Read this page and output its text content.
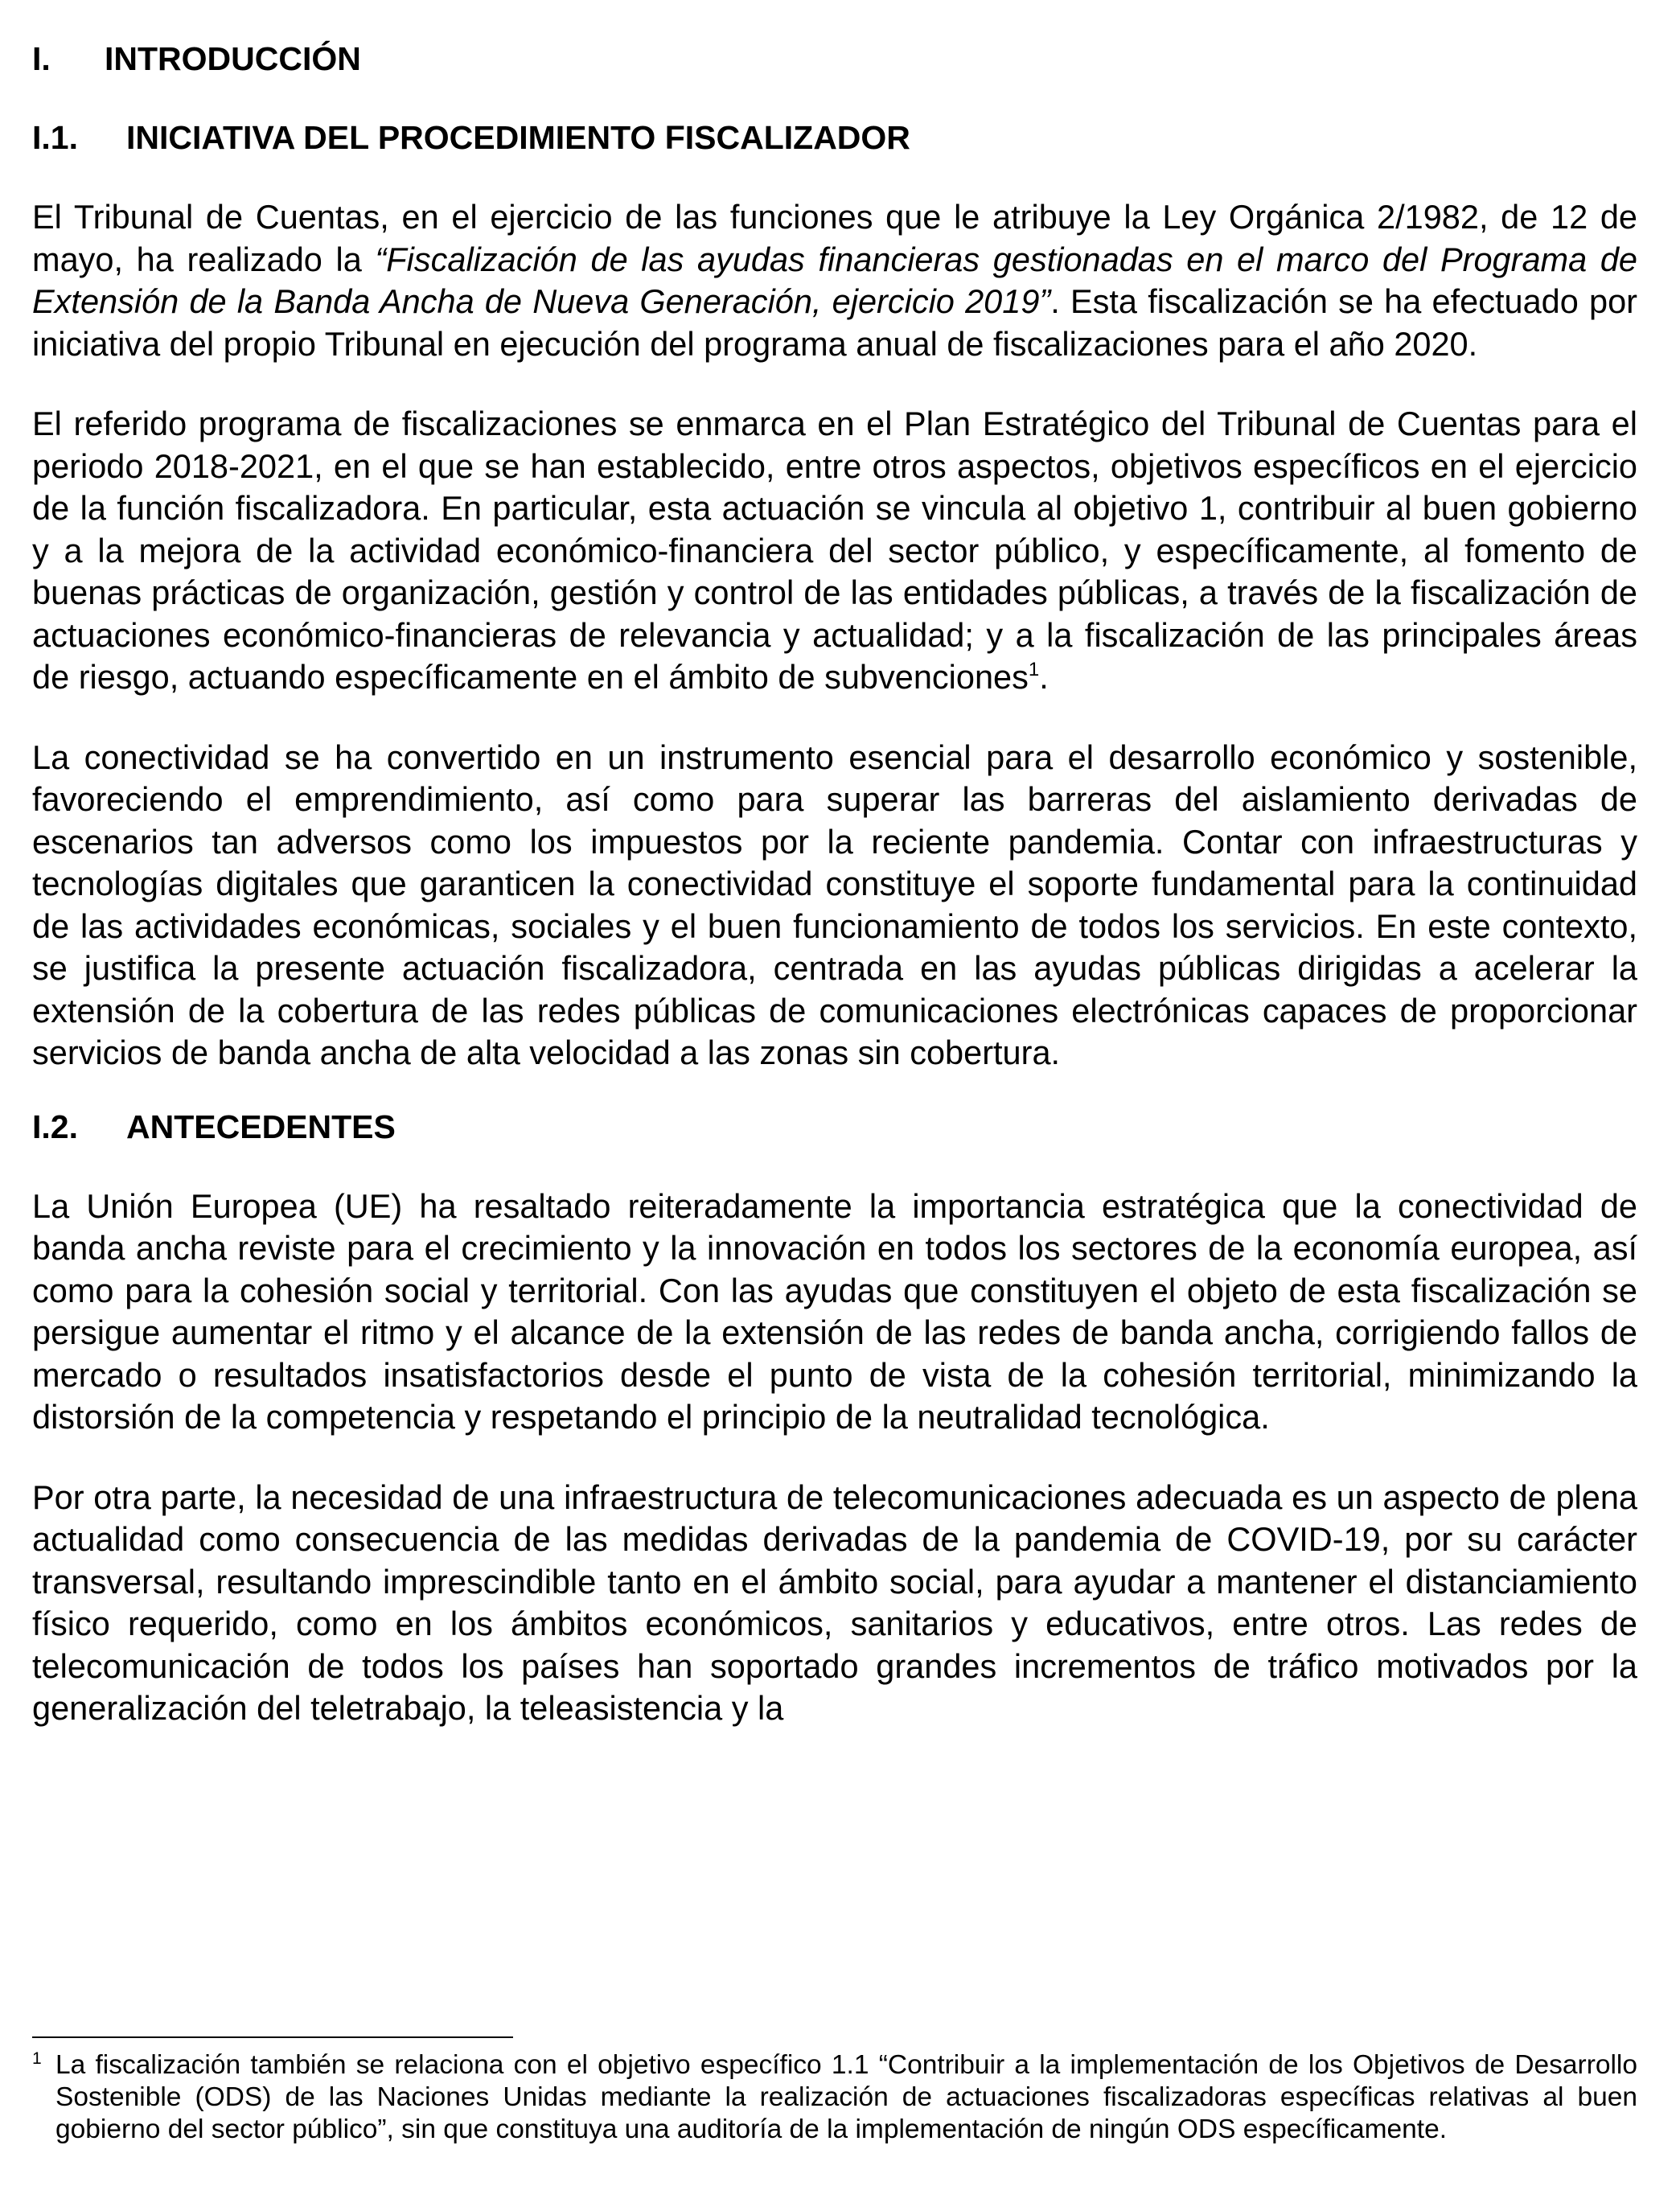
I. INTRODUCCIÓN
I.1. INICIATIVA DEL PROCEDIMIENTO FISCALIZADOR

El Tribunal de Cuentas, en el ejercicio de las funciones que le atribuye la Ley Orgánica 2/1982, de 12 de mayo, ha realizado la “Fiscalización de las ayudas financieras gestionadas en el marco del Programa de Extensión de la Banda Ancha de Nueva Generación, ejercicio 2019”. Esta fiscalización se ha efectuado por iniciativa del propio Tribunal en ejecución del programa anual de fiscalizaciones para el año 2020.

El referido programa de fiscalizaciones se enmarca en el Plan Estratégico del Tribunal de Cuentas para el periodo 2018-2021, en el que se han establecido, entre otros aspectos, objetivos específicos en el ejercicio de la función fiscalizadora. En particular, esta actuación se vincula al objetivo 1, contribuir al buen gobierno y a la mejora de la actividad económico-financiera del sector público, y específicamente, al fomento de buenas prácticas de organización, gestión y control de las entidades públicas, a través de la fiscalización de actuaciones económico-financieras de relevancia y actualidad; y a la fiscalización de las principales áreas de riesgo, actuando específicamente en el ámbito de subvenciones$^1$.

La conectividad se ha convertido en un instrumento esencial para el desarrollo económico y sostenible, favoreciendo el emprendimiento, así como para superar las barreras del aislamiento derivadas de escenarios tan adversos como los impuestos por la reciente pandemia. Contar con infraestructuras y tecnologías digitales que garanticen la conectividad constituye el soporte fundamental para la continuidad de las actividades económicas, sociales y el buen funcionamiento de todos los servicios. En este contexto, se justifica la presente actuación fiscalizadora, centrada en las ayudas públicas dirigidas a acelerar la extensión de la cobertura de las redes públicas de comunicaciones electrónicas capaces de proporcionar servicios de banda ancha de alta velocidad a las zonas sin cobertura.

I.2. ANTECEDENTES

La Unión Europea (UE) ha resaltado reiteradamente la importancia estratégica que la conectividad de banda ancha reviste para el crecimiento y la innovación en todos los sectores de la economía europea, así como para la cohesión social y territorial. Con las ayudas que constituyen el objeto de esta fiscalización se persigue aumentar el ritmo y el alcance de la extensión de las redes de banda ancha, corrigiendo fallos de mercado o resultados insatisfactorios desde el punto de vista de la cohesión territorial, minimizando la distorsión de la competencia y respetando el principio de la neutralidad tecnológica.

Por otra parte, la necesidad de una infraestructura de telecomunicaciones adecuada es un aspecto de plena actualidad como consecuencia de las medidas derivadas de la pandemia de COVID-19, por su carácter transversal, resultando imprescindible tanto en el ámbito social, para ayudar a mantener el distanciamiento físico requerido, como en los ámbitos económicos, sanitarios y educativos, entre otros. Las redes de telecomunicación de todos los países han soportado grandes incrementos de tráfico motivados por la generalización del teletrabajo, la teleasistencia y la

$^1$ La fiscalización también se relaciona con el objetivo específico 1.1 “Contribuir a la implementación de los Objetivos de Desarrollo Sostenible (ODS) de las Naciones Unidas mediante la realización de actuaciones fiscalizadoras específicas relativas al buen gobierno del sector público”, sin que constituya una auditoría de la implementación de ningún ODS específicamente.
